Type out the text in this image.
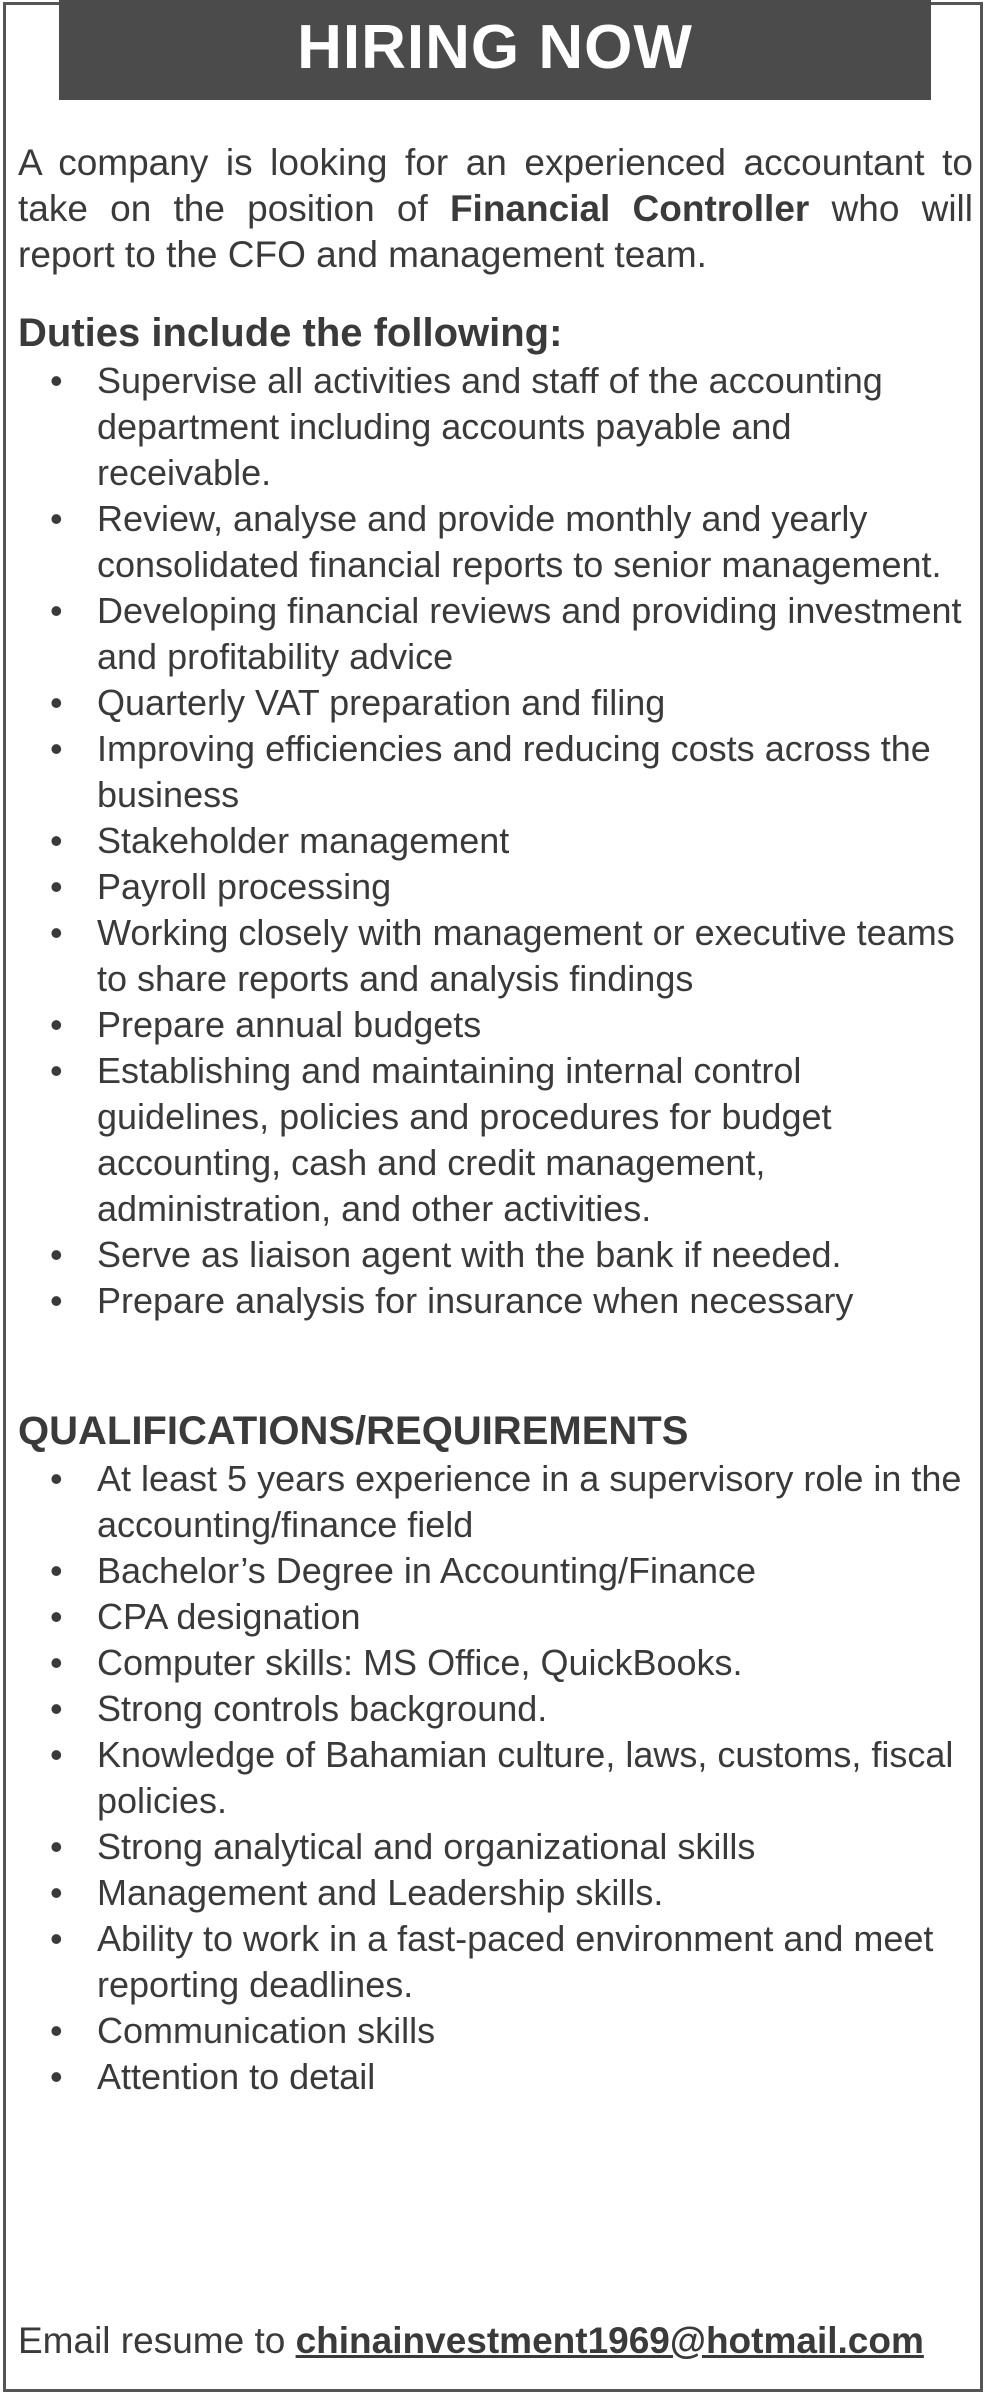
HIRING NOW

A company is looking for an experienced accountant to take on the position of Financial Controller who will report to the CFO and management team.

Duties include the following:
• Supervise all activities and staff of the accounting department including accounts payable and receivable.
• Review, analyse and provide monthly and yearly consolidated financial reports to senior management.
• Developing financial reviews and providing investment and profitability advice
• Quarterly VAT preparation and filing
• Improving efficiencies and reducing costs across the business
• Stakeholder management
• Payroll processing
• Working closely with management or executive teams to share reports and analysis findings
• Prepare annual budgets
• Establishing and maintaining internal control guidelines, policies and procedures for budget accounting, cash and credit management, administration, and other activities.
• Serve as liaison agent with the bank if needed.
• Prepare analysis for insurance when necessary
QUALIFICATIONS/REQUIREMENTS
• At least 5 years experience in a supervisory role in the accounting/finance field
• Bachelor’s Degree in Accounting/Finance
• CPA designation
• Computer skills: MS Office, QuickBooks.
• Strong controls background.
• Knowledge of Bahamian culture, laws, customs, fiscal policies.
• Strong analytical and organizational skills
• Management and Leadership skills.
• Ability to work in a fast-paced environment and meet reporting deadlines.
• Communication skills
• Attention to detail
Email resume to chinainvestment1969@hotmail.com
